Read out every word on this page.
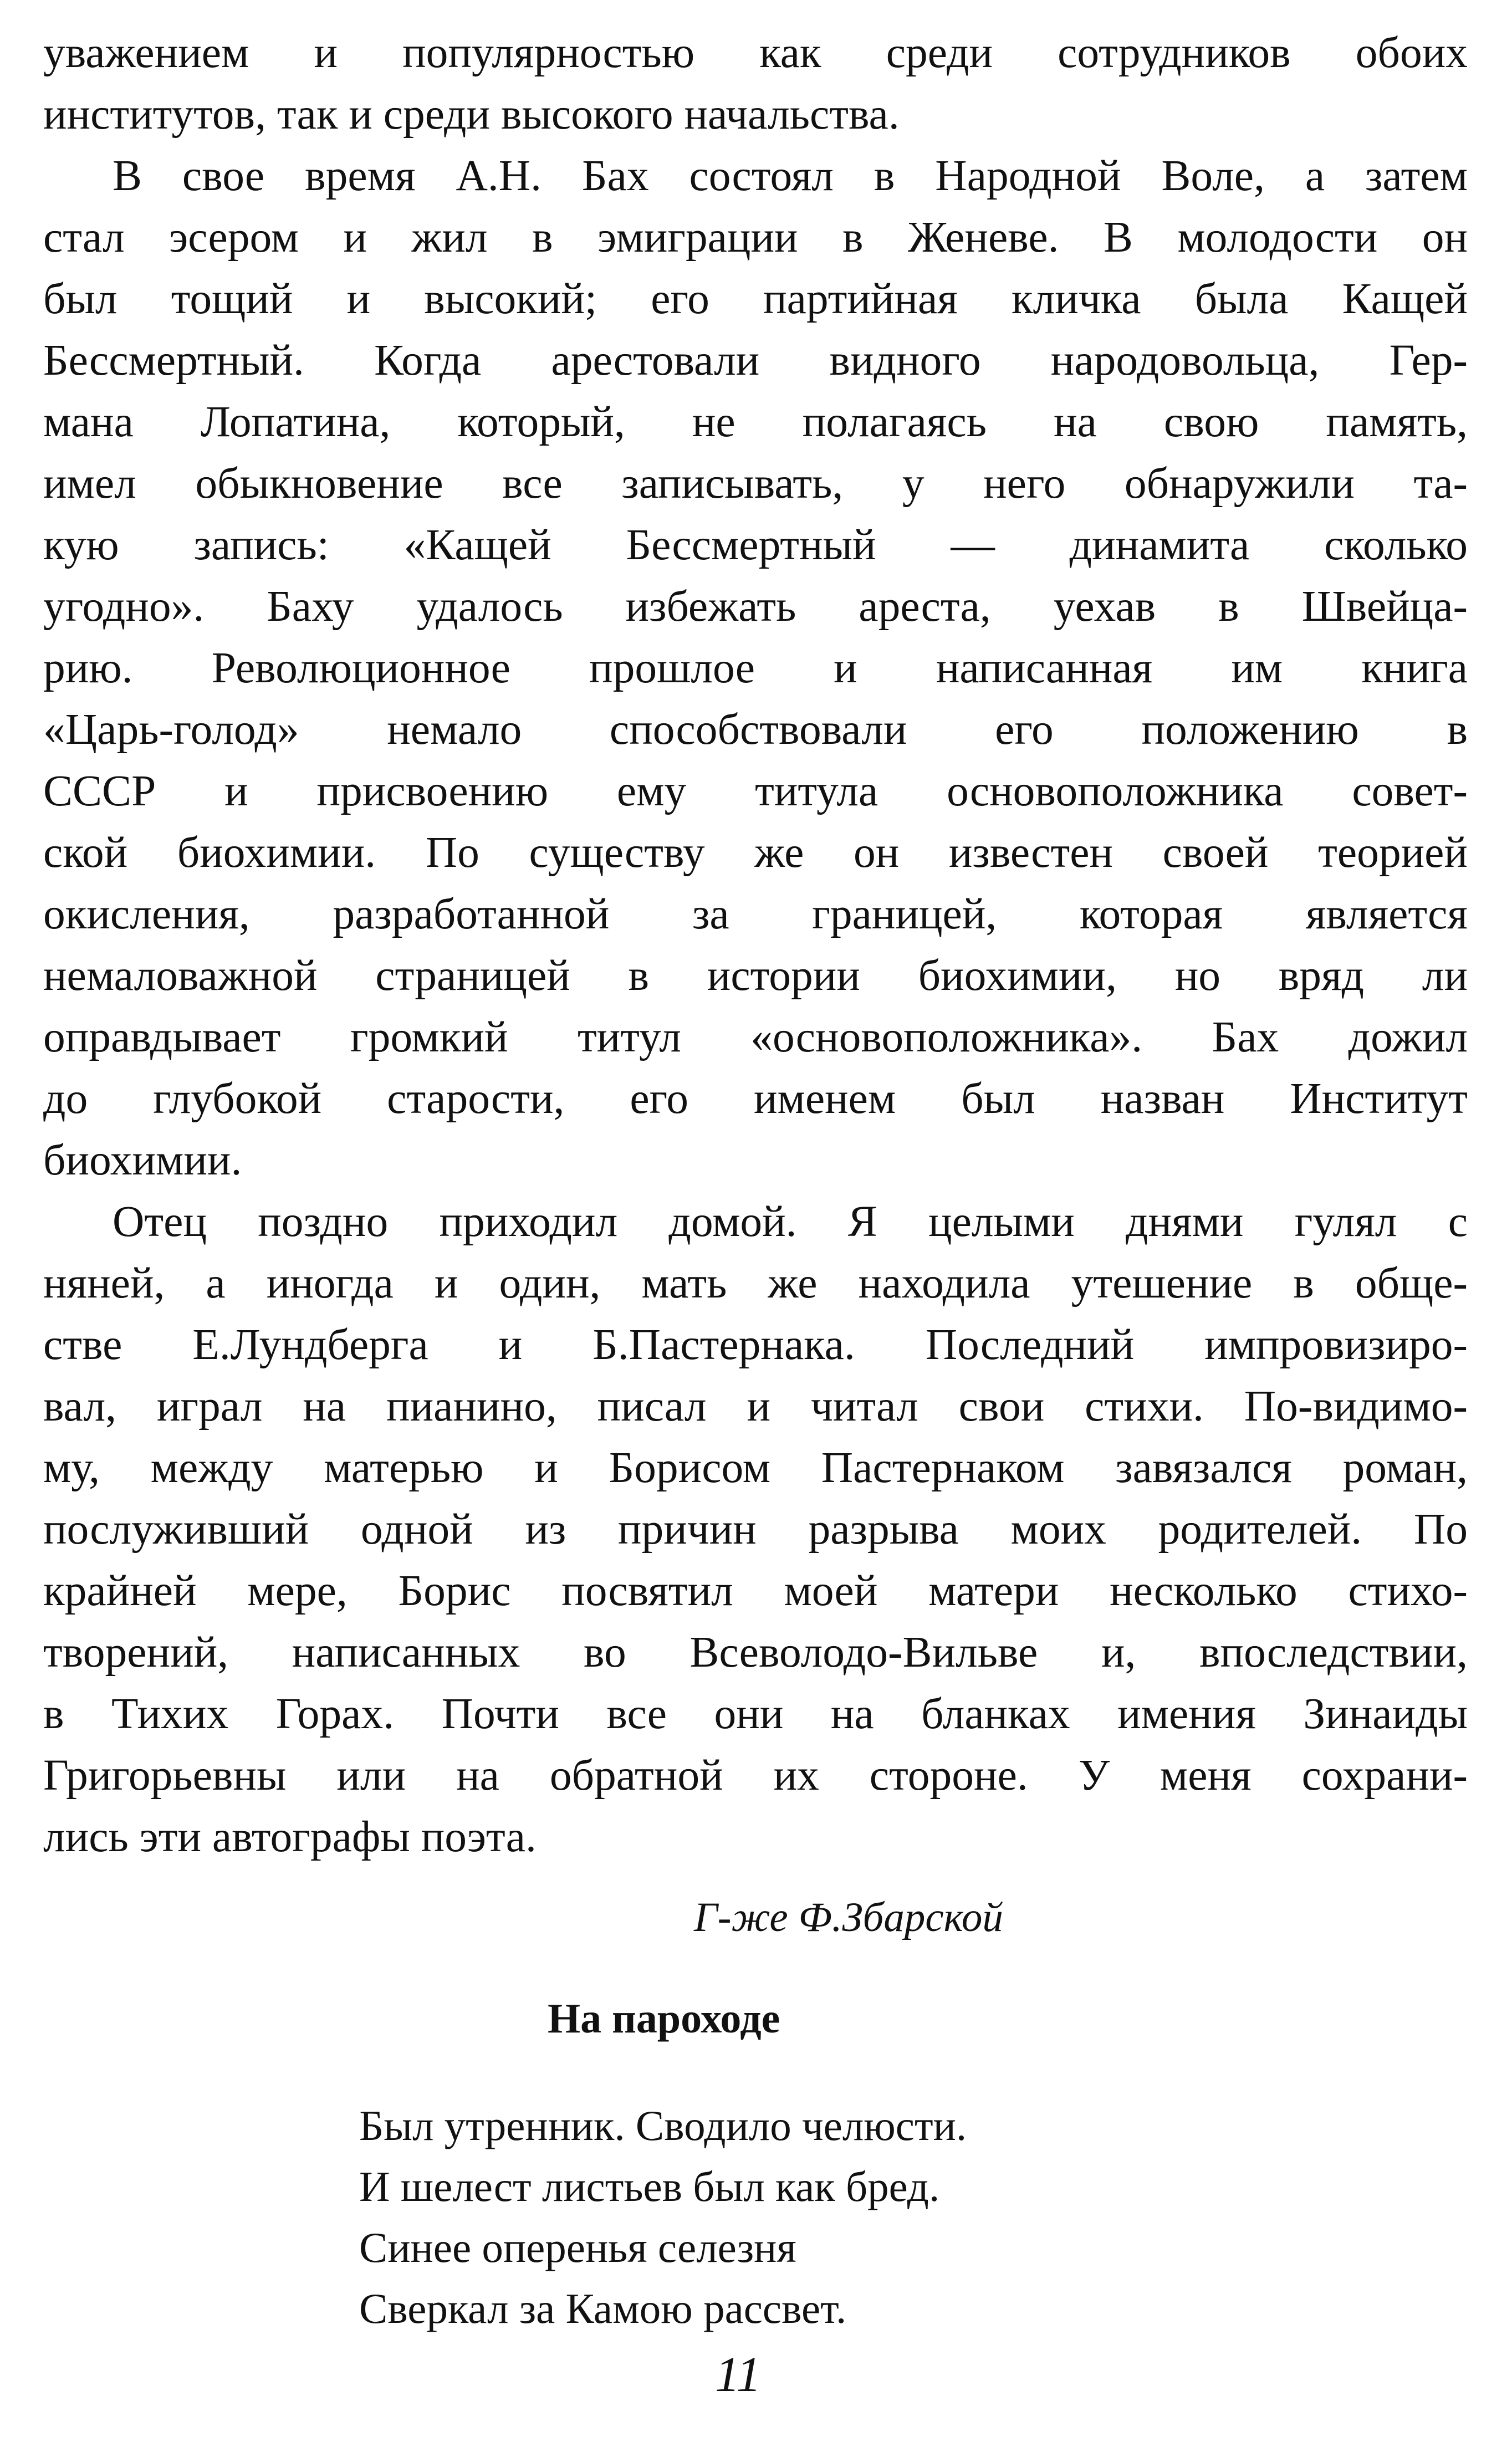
уважением и популярностью как среди сотрудников обоих
институтов, так и среди высокого начальства.

В свое время А.Н. Бах состоял в Народной Воле, а затем
стал эсером и жил в эмиграции в Женеве. В молодости он
был тощий и высокий; его партийная кличка была Кащей
Бессмертный. Когда арестовали видного народовольца, Гер-
мана Лопатина, который, не полагаясь на свою память,
имел обыкновение все записывать, у него обнаружили та-
кую запись: «Кащей Бессмертный — динамита сколько
угодно». Баху удалось избежать ареста, уехав в Швейца-
рию. Революционное прошлое и написанная им книга
«Царь-голод» немало способствовали его положению в
СССР и присвоению ему титула основоположника совет-
ской биохимии. По существу же он известен своей теорией
окисления, разработанной за границей, которая является
немаловажной страницей в истории биохимии, но вряд ли
оправдывает громкий титул «основоположника». Бах дожил
до глубокой старости, его именем был назван Институт
биохимии.

Отец поздно приходил домой. Я целыми днями гулял с
няней, а иногда и один, мать же находила утешение в обще-
стве Е.Лундберга и Б.Пастернака. Последний импровизиро-
вал, играл на пианино, писал и читал свои стихи. По-видимо-
му, между матерью и Борисом Пастернаком завязался роман,
послуживший одной из причин разрыва моих родителей. По
крайней мере, Борис посвятил моей матери несколько стихо-
творений, написанных во Всеволодо-Вильве и, впоследствии,
в Тихих Горах. Почти все они на бланках имения Зинаиды
Григорьевны или на обратной их стороне. У меня сохрани-
лись эти автографы поэта.

Г-же Ф.Збарской
На пароходе
Был утренник. Сводило челюсти.
И шелест листьев был как бред.
Синее оперенья селезня
Сверкал за Камою рассвет.
11
